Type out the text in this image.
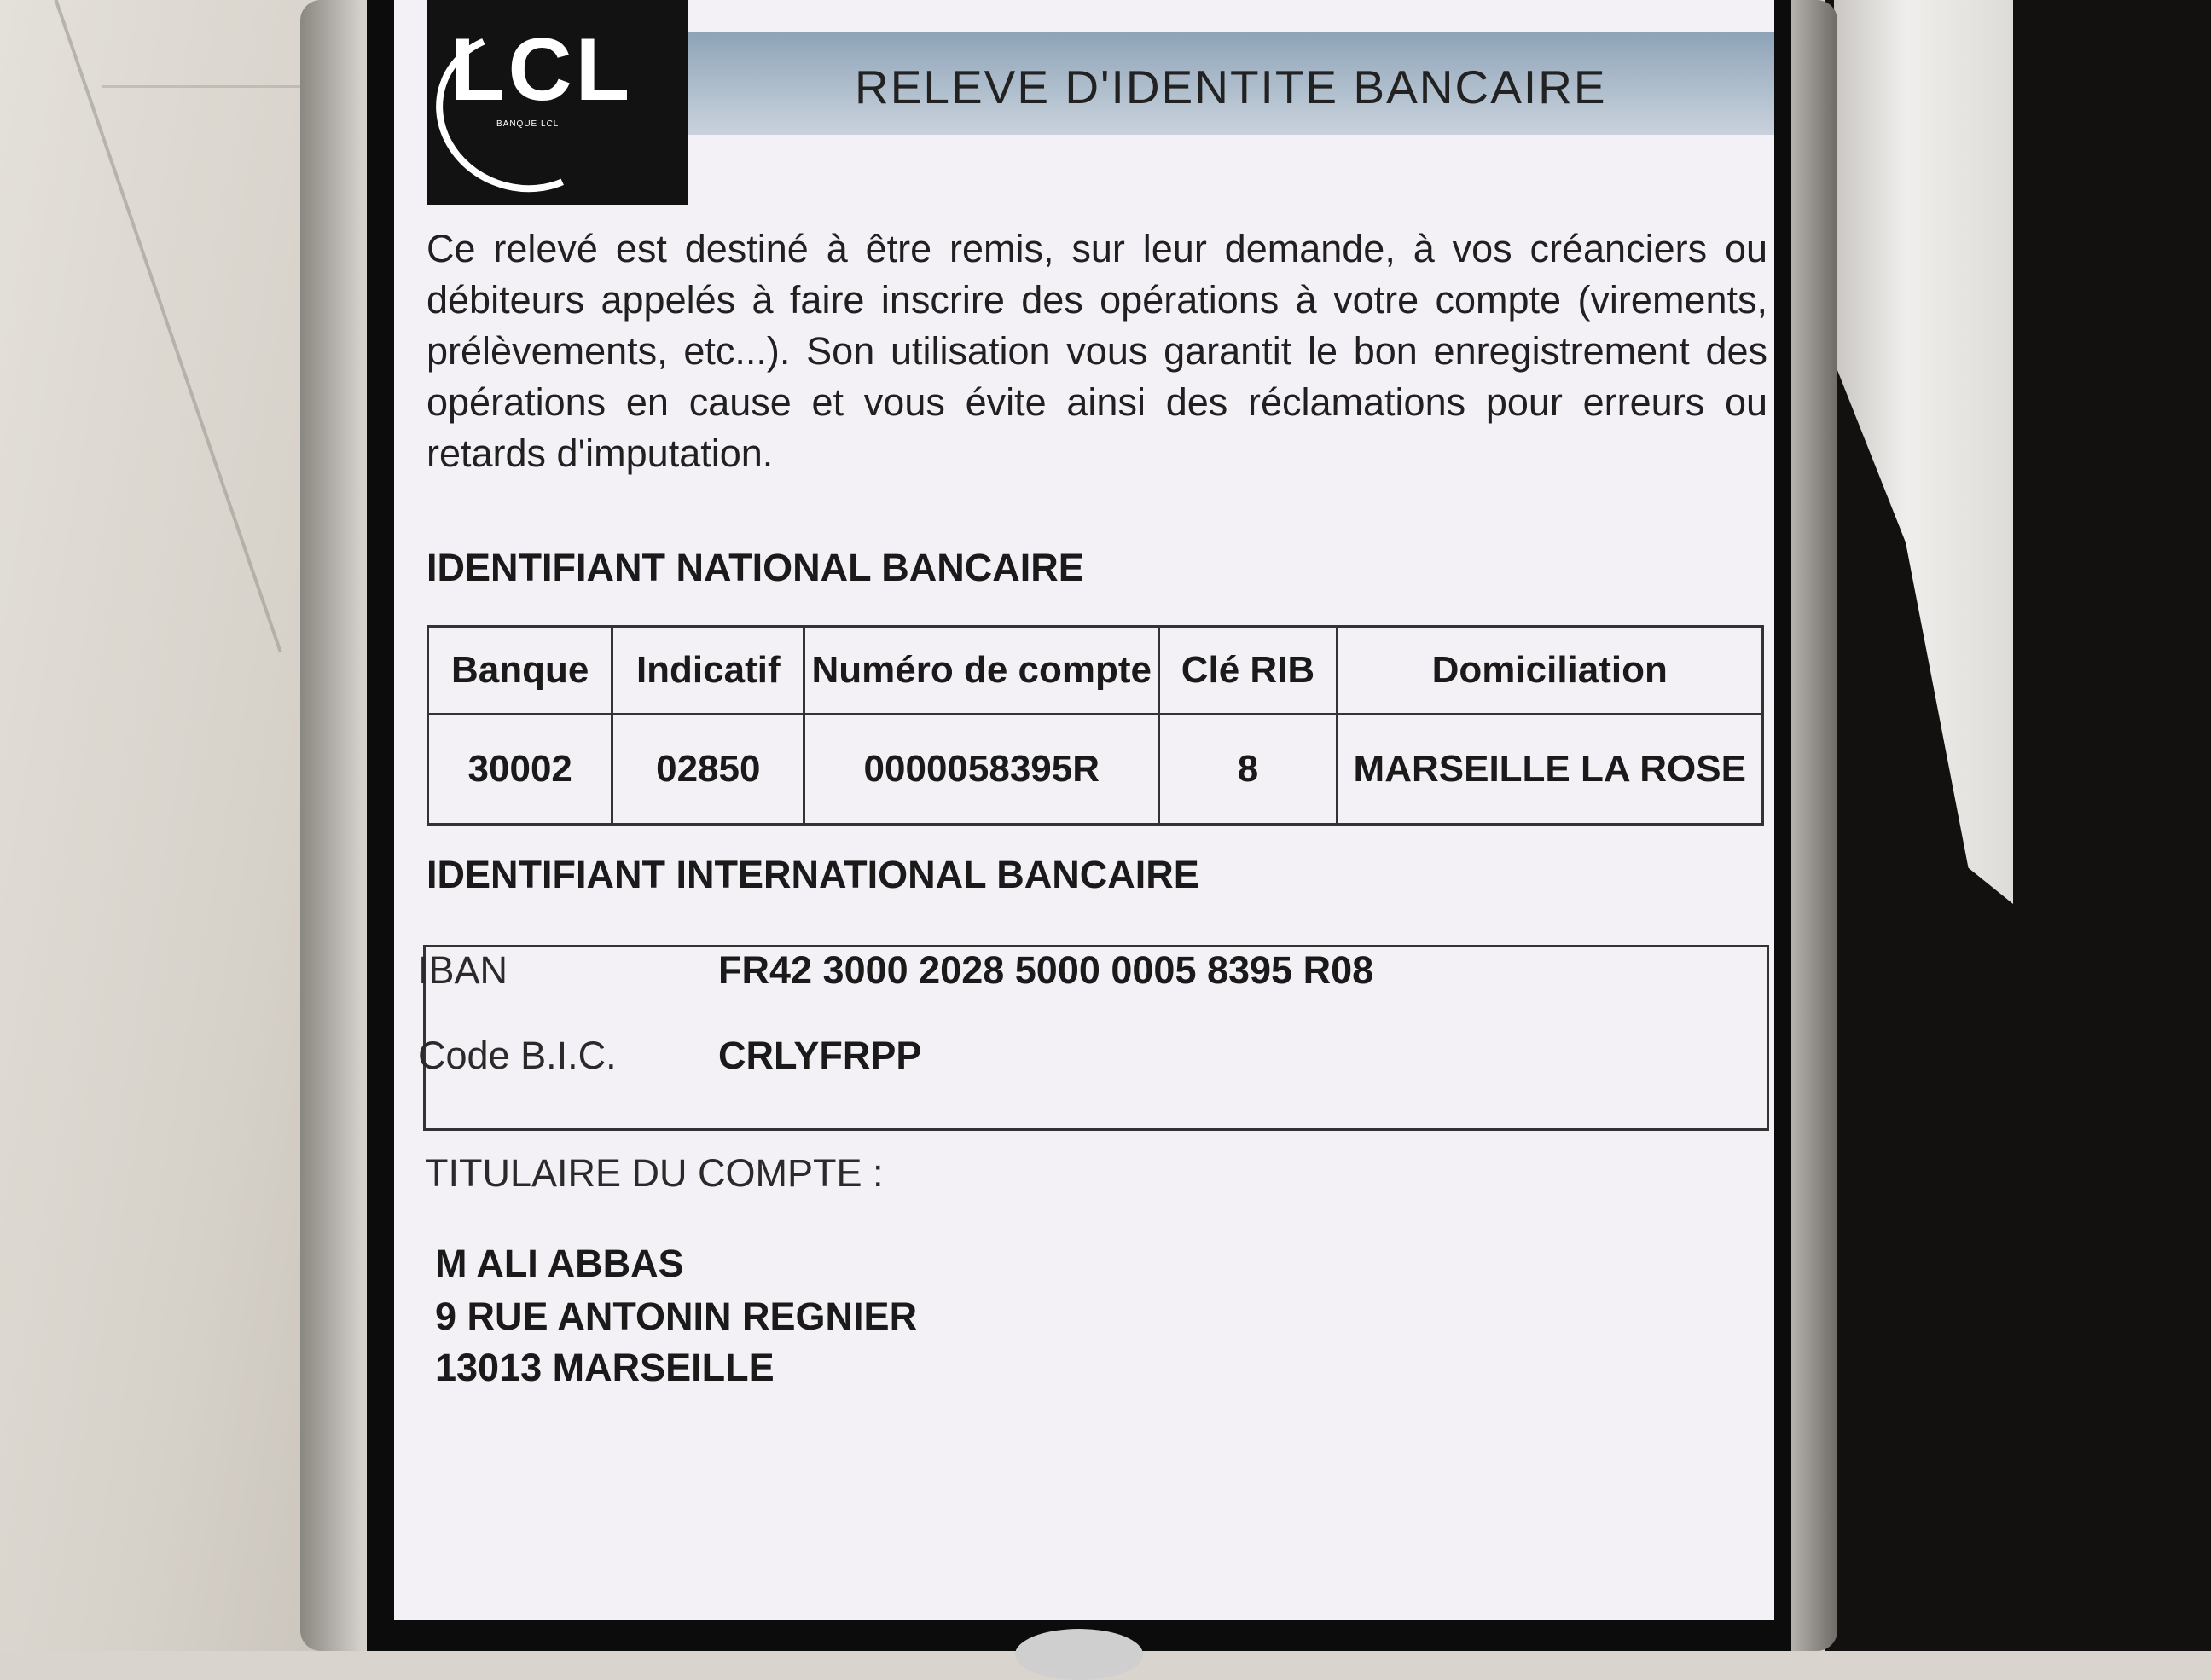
LCL
BANQUE LCL
RELEVE D'IDENTITE BANCAIRE
Ce relevé est destiné à être remis, sur leur demande, à vos créanciers ou débiteurs appelés à faire inscrire des opérations à votre compte (virements, prélèvements, etc...). Son utilisation vous garantit le bon enregistrement des opérations en cause et vous évite ainsi des réclamations pour erreurs ou retards d'imputation.
IDENTIFIANT NATIONAL BANCAIRE
Banque	Indicatif	Numéro de compte	Clé RIB	Domiciliation
30002	02850	0000058395R	8	MARSEILLE LA ROSE
IDENTIFIANT INTERNATIONAL BANCAIRE
IBAN	FR42 3000 2028 5000 0005 8395 R08
Code B.I.C.	CRLYFRPP
TITULAIRE DU COMPTE :
M ALI ABBAS
9 RUE ANTONIN REGNIER
13013 MARSEILLE
